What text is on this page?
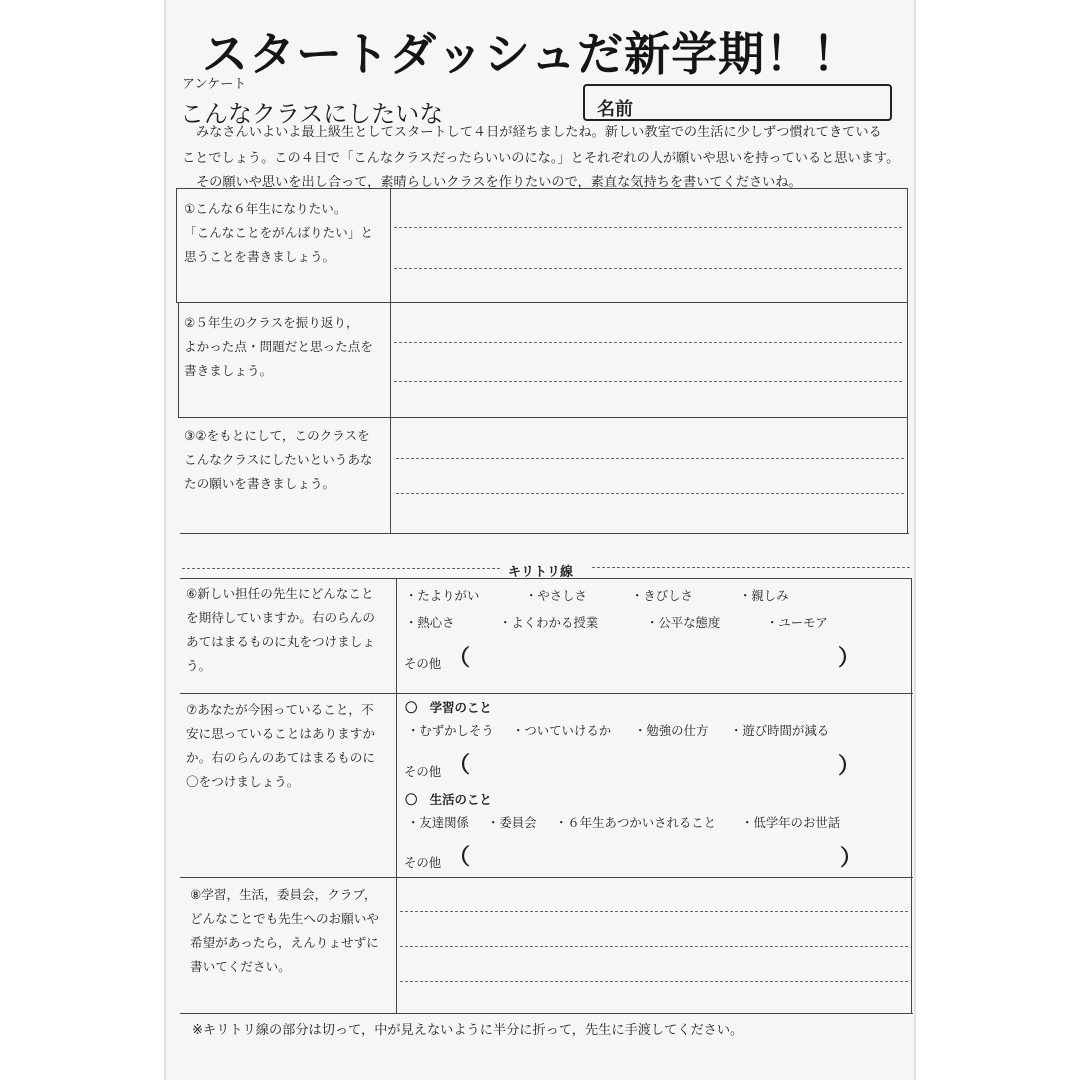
スタートダッシュだ新学期！！
アンケート
こんなクラスにしたいな	名前
みなさんいよいよ最上級生としてスタートして４日が経ちましたね。新しい教室での生活に少しずつ慣れてきている
ことでしょう。この４日で「こんなクラスだったらいいのにな。」とそれぞれの人が願いや思いを持っていると思います。
その願いや思いを出し合って，素晴らしいクラスを作りたいので，素直な気持ちを書いてくださいね。
①こんな６年生になりたい。
「こんなことをがんばりたい」と
思うことを書きましょう。
②５年生のクラスを振り返り，
よかった点・問題だと思った点を
書きましょう。
③②をもとにして，このクラスを
こんなクラスにしたいというあな
たの願いを書きましょう。
キリトリ線
⑥新しい担任の先生にどんなこと
を期待していますか。右のらんの
あてはまるものに丸をつけましょ
う。
・たよりがい	・やさしさ	・きびしさ	・親しみ
・熱心さ	・よくわかる授業	・公平な態度	・ユーモア
その他 （	）
⑦あなたが今困っていること，不
安に思っていることはありますか
か。右のらんのあてはまるものに
〇をつけましょう。
〇　学習のこと
・むずかしそう ・ついていけるか ・勉強の仕方 ・遊び時間が減る
その他 （	）
〇　生活のこと
・友達関係 ・委員会 ・６年生あつかいされること ・低学年のお世話
その他 （	）
⑧学習，生活，委員会，クラブ，
どんなことでも先生へのお願いや
希望があったら，えんりょせずに
書いてください。
※キリトリ線の部分は切って，中が見えないように半分に折って，先生に手渡してください。
